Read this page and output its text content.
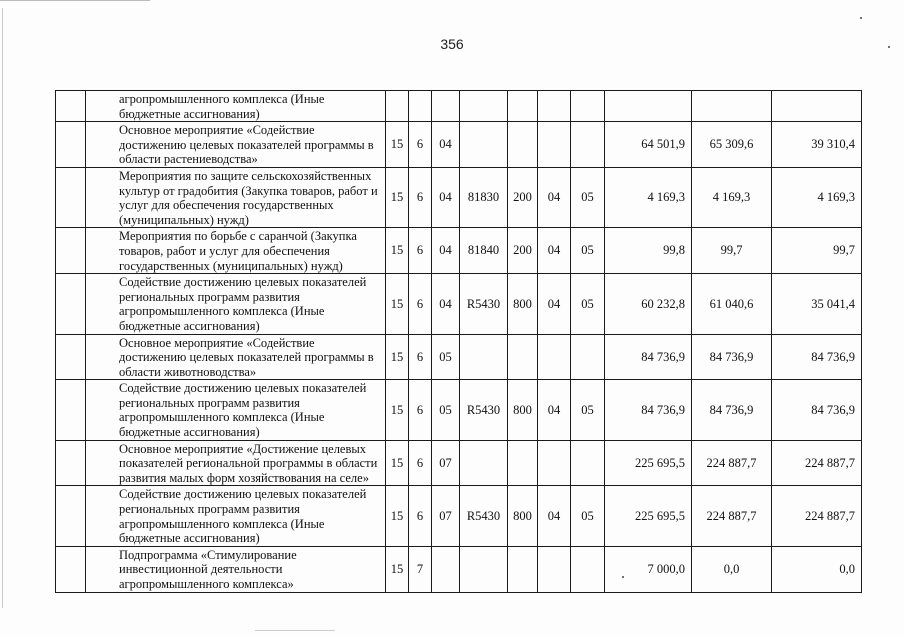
356
	агропромышленного комплекса (Иные бюджетные ассигнования)										
	Основное мероприятие «Содействие достижению целевых показателей программы в области растениеводства»	15	6	04					64 501,9	65 309,6	39 310,4
	Мероприятия по защите сельскохозяйственных культур от градобития (Закупка товаров, работ и услуг для обеспечения государственных (муниципальных) нужд)	15	6	04	81830	200	04	05	4 169,3	4 169,3	4 169,3
	Мероприятия по борьбе с саранчой (Закупка товаров, работ и услуг для обеспечения государственных (муниципальных) нужд)	15	6	04	81840	200	04	05	99,8	99,7	99,7
	Содействие достижению целевых показателей региональных программ развития агропромышленного комплекса (Иные бюджетные ассигнования)	15	6	04	R5430	800	04	05	60 232,8	61 040,6	35 041,4
	Основное мероприятие «Содействие достижению целевых показателей программы в области животноводства»	15	6	05					84 736,9	84 736,9	84 736,9
	Содействие достижению целевых показателей региональных программ развития агропромышленного комплекса (Иные бюджетные ассигнования)	15	6	05	R5430	800	04	05	84 736,9	84 736,9	84 736,9
	Основное мероприятие «Достижение целевых показателей региональной программы в области развития малых форм хозяйствования на селе»	15	6	07					225 695,5	224 887,7	224 887,7
	Содействие достижению целевых показателей региональных программ развития агропромышленного комплекса (Иные бюджетные ассигнования)	15	6	07	R5430	800	04	05	225 695,5	224 887,7	224 887,7
	Подпрограмма «Стимулирование инвестиционной деятельности агропромышленного комплекса»	15	7						7 000,0	0,0	0,0
